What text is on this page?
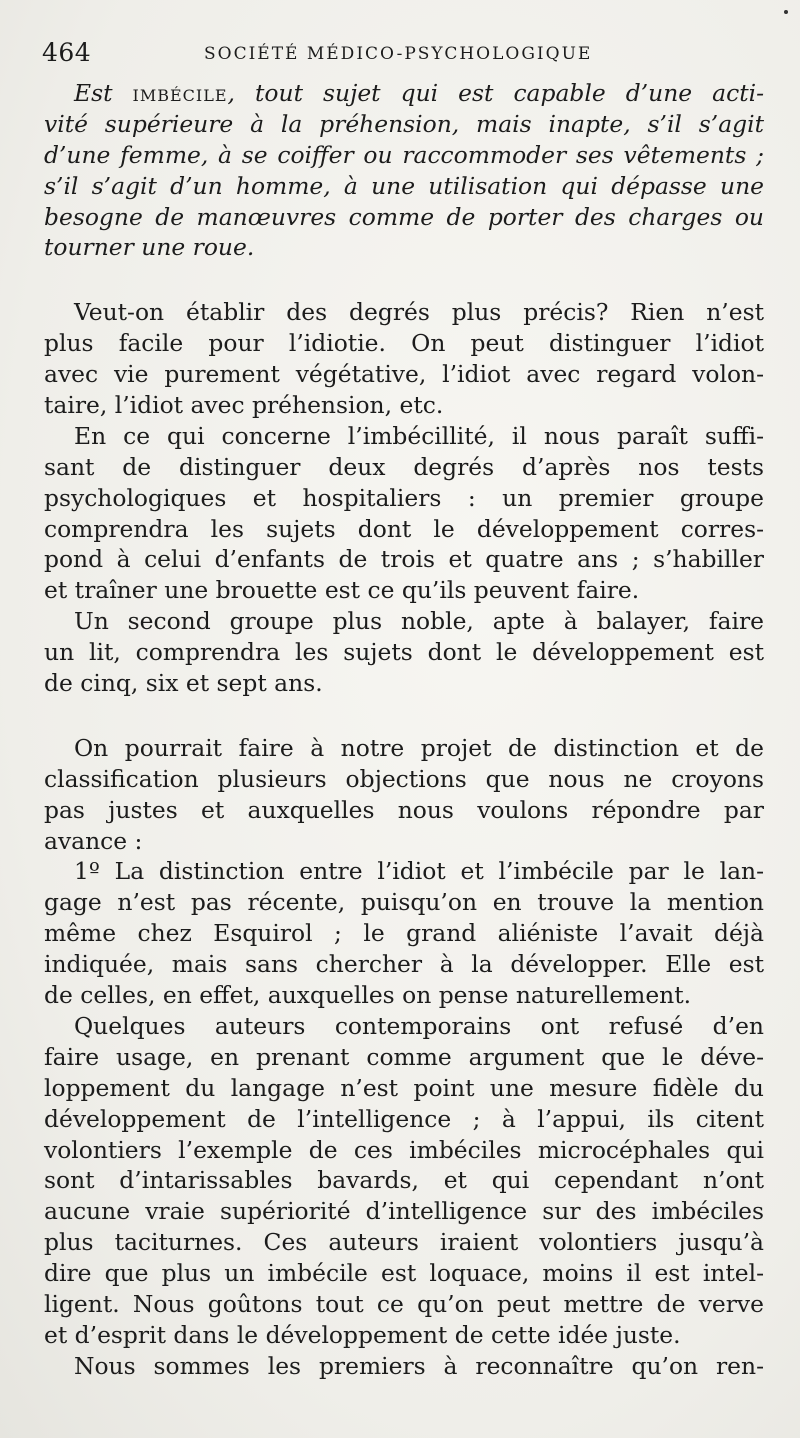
464	SOCIÉTÉ MÉDICO-PSYCHOLOGIQUE
Est imbécile, tout sujet qui est capable d’une acti-
vité supérieure à la préhension, mais inapte, s’il s’agit
d’une femme, à se coiffer ou raccommoder ses vêtements ;
s’il s’agit d’un homme, à une utilisation qui dépasse une
besogne de manœuvres comme de porter des charges ou
tourner une roue.
Veut-on établir des degrés plus précis? Rien n’est
plus facile pour l’idiotie. On peut distinguer l’idiot
avec vie purement végétative, l’idiot avec regard volon-
taire, l’idiot avec préhension, etc.
En ce qui concerne l’imbécillité, il nous paraît suffi-
sant de distinguer deux degrés d’après nos tests
psychologiques et hospitaliers : un premier groupe
comprendra les sujets dont le développement corres-
pond à celui d’enfants de trois et quatre ans ; s’habiller
et traîner une brouette est ce qu’ils peuvent faire.
Un second groupe plus noble, apte à balayer, faire
un lit, comprendra les sujets dont le développement est
de cinq, six et sept ans.
On pourrait faire à notre projet de distinction et de
classification plusieurs objections que nous ne croyons
pas justes et auxquelles nous voulons répondre par
avance :
1º La distinction entre l’idiot et l’imbécile par le lan-
gage n’est pas récente, puisqu’on en trouve la mention
même chez Esquirol ; le grand aliéniste l’avait déjà
indiquée, mais sans chercher à la développer. Elle est
de celles, en effet, auxquelles on pense naturellement.
Quelques auteurs contemporains ont refusé d’en
faire usage, en prenant comme argument que le déve-
loppement du langage n’est point une mesure fidèle du
développement de l’intelligence ; à l’appui, ils citent
volontiers l’exemple de ces imbéciles microcéphales qui
sont d’intarissables bavards, et qui cependant n’ont
aucune vraie supériorité d’intelligence sur des imbéciles
plus taciturnes. Ces auteurs iraient volontiers jusqu’à
dire que plus un imbécile est loquace, moins il est intel-
ligent. Nous goûtons tout ce qu’on peut mettre de verve
et d’esprit dans le développement de cette idée juste.
Nous sommes les premiers à reconnaître qu’on ren-
